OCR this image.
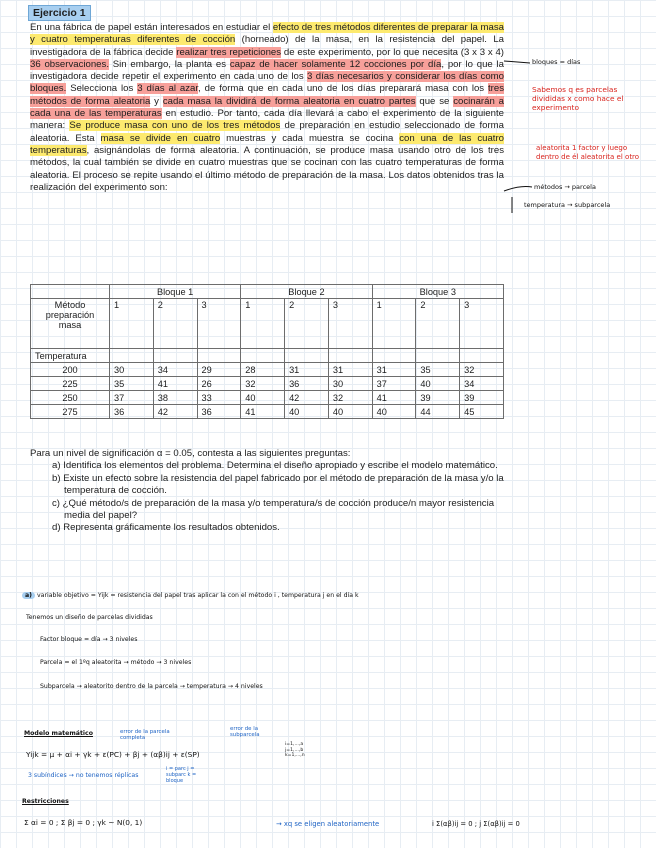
Ejercicio 1
En una fábrica de papel están interesados en estudiar el efecto de tres métodos diferentes de preparar la masa y cuatro temperaturas diferentes de cocción (horneado) de la masa, en la resistencia del papel. La investigadora de la fábrica decide realizar tres repeticiones de este experimento, por lo que necesita (3 x 3 x 4) 36 observaciones. Sin embargo, la planta es capaz de hacer solamente 12 cocciones por día, por lo que la investigadora decide repetir el experimento en cada uno de los 3 días necesarios y considerar los días como bloques. Selecciona los 3 días al azar, de forma que en cada uno de los días preparará masa con los tres métodos de forma aleatoria y cada masa la dividirá de forma aleatoria en cuatro partes que se cocinarán a cada una de las temperaturas en estudio. Por tanto, cada día llevará a cabo el experimento de la siguiente manera: Se produce masa con uno de los tres métodos de preparación en estudio seleccionado de forma aleatoria. Esta masa se divide en cuatro muestras y cada muestra se cocina con una de las cuatro temperaturas, asignándolas de forma aleatoria. A continuación, se produce masa usando otro de los tres métodos, la cual también se divide en cuatro muestras que se cocinan con las cuatro temperaturas de forma aleatoria. El proceso se repite usando el último método de preparación de la masa. Los datos obtenidos tras la realización del experimento son:
bloques = días
Sabemos q es parcelas divididas x como hace el experimento
aleatorita 1 factor y luego dentro de él aleatorita el otro
métodos → parcela
temperatura → subparcela
	Bloque 1			Bloque 2			Bloque 3		
Método preparación masa	1	2	3	1	2	3	1	2	3
Temperatura									
200	30	34	29	28	31	31	31	35	32
225	35	41	26	32	36	30	37	40	34
250	37	38	33	40	42	32	41	39	39
275	36	42	36	41	40	40	40	44	45
Para un nivel de significación α = 0.05, contesta a las siguientes preguntas:
a) Identifica los elementos del problema. Determina el diseño apropiado y escribe el modelo matemático.
b) Existe un efecto sobre la resistencia del papel fabricado por el método de preparación de la masa y/o la temperatura de cocción.
c) ¿Qué método/s de preparación de la masa y/o temperatura/s de cocción produce/n mayor resistencia media del papel?
d) Representa gráficamente los resultados obtenidos.
a) variable objetivo = Yijk = resistencia del papel tras aplicar la con el método i , temperatura j en el día k
Tenemos un diseño de parcelas divididas
Factor bloque = día → 3 niveles
Parcela = el 1ºq aleatorita → método → 3 niveles
Subparcela → aleatorito dentro de la parcela → temperatura → 4 niveles
Modelo matemático	error de la parcela completa
error de la subparcela
i=1,...,a j=1,...,b k=1,...,n
Yijk = μ + αi + γk + ε(PC) + βj + (αβ)ij + ε(SP)
3 subíndices → no tenemos réplicas
i = parc j = subparc k = bloque
Restricciones
Σ αi = 0 ; Σ βj = 0 ; γk ~ N(0, 1)	→ xq se eligen aleatoriamente	i Σ(αβ)ij = 0 ; j Σ(αβ)ij = 0
